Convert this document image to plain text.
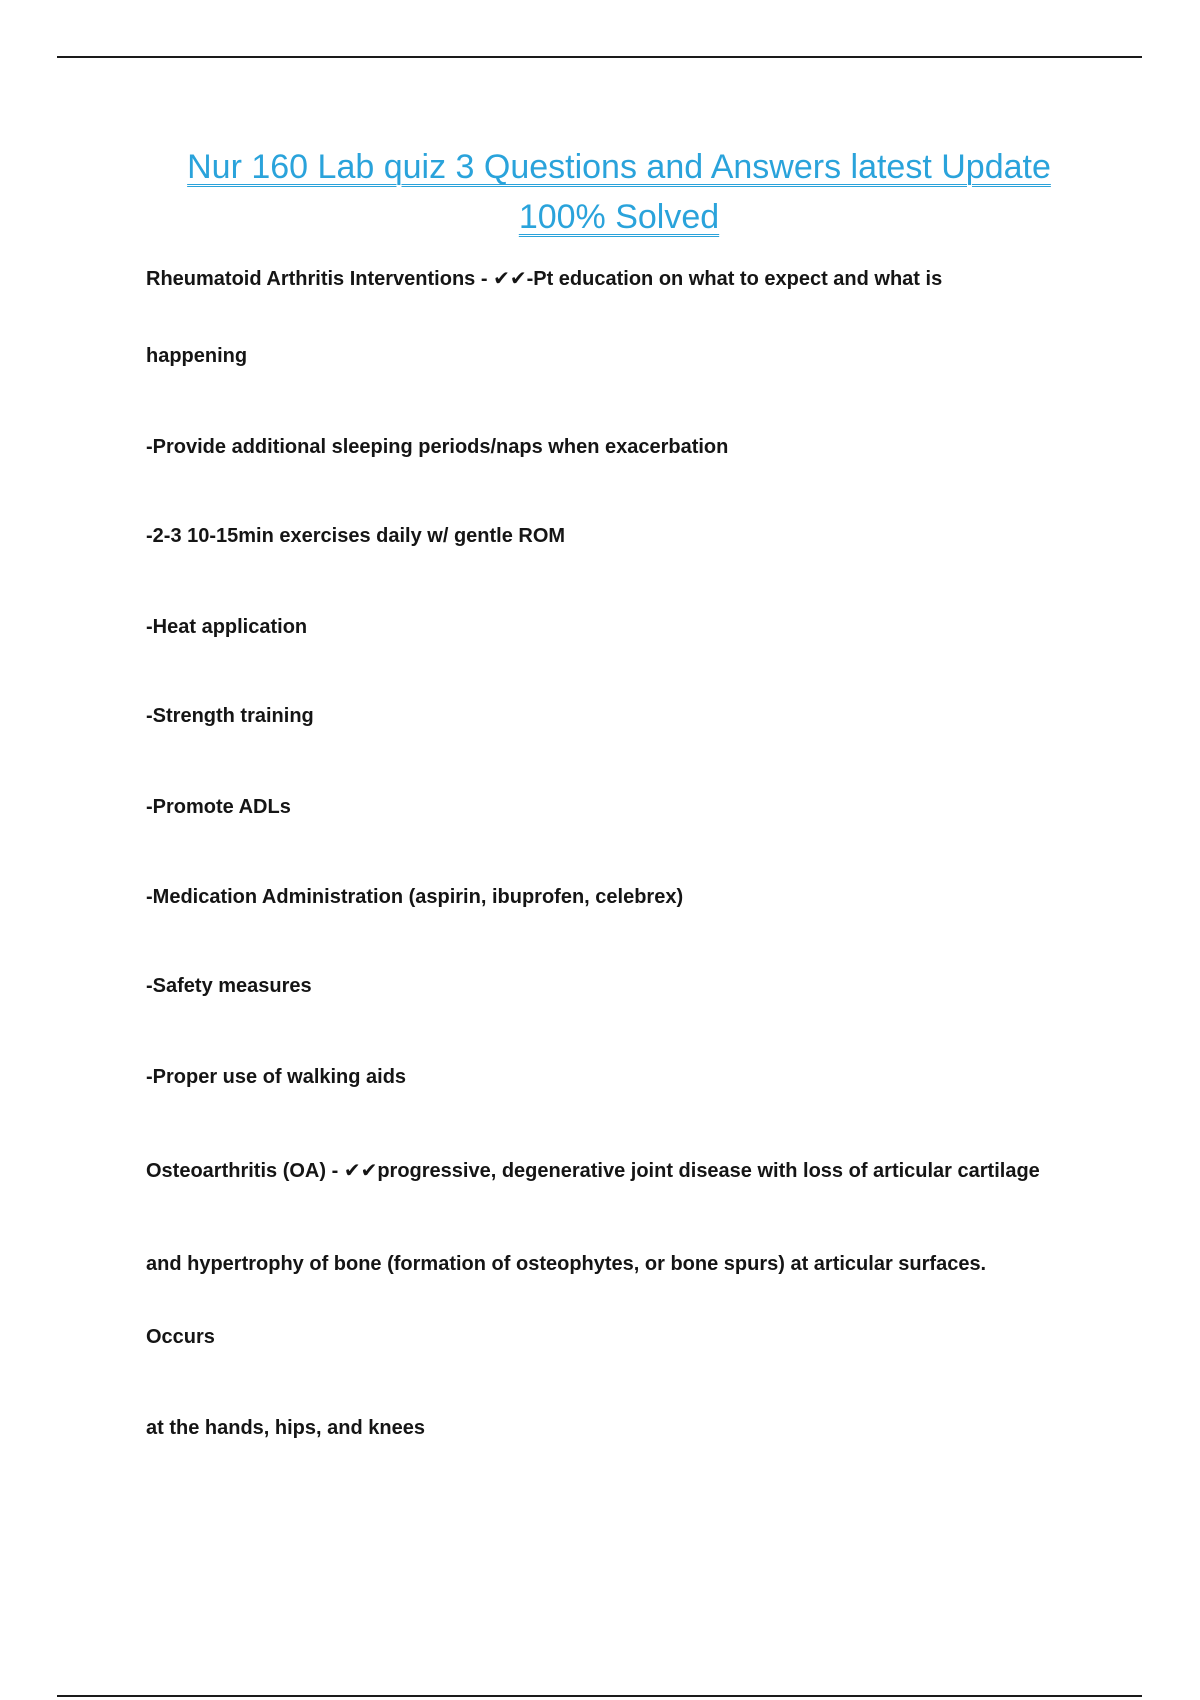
Nur 160 Lab quiz 3 Questions and Answers latest Update
100% Solved

Rheumatoid Arthritis Interventions - ✔✔-Pt education on what to expect and what is

happening

-Provide additional sleeping periods/naps when exacerbation

-2-3 10-15min exercises daily w/ gentle ROM

-Heat application

-Strength training

-Promote ADLs

-Medication Administration (aspirin, ibuprofen, celebrex)

-Safety measures

-Proper use of walking aids

Osteoarthritis (OA) - ✔✔progressive, degenerative joint disease with loss of articular cartilage

and hypertrophy of bone (formation of osteophytes, or bone spurs) at articular surfaces.

Occurs

at the hands, hips, and knees
